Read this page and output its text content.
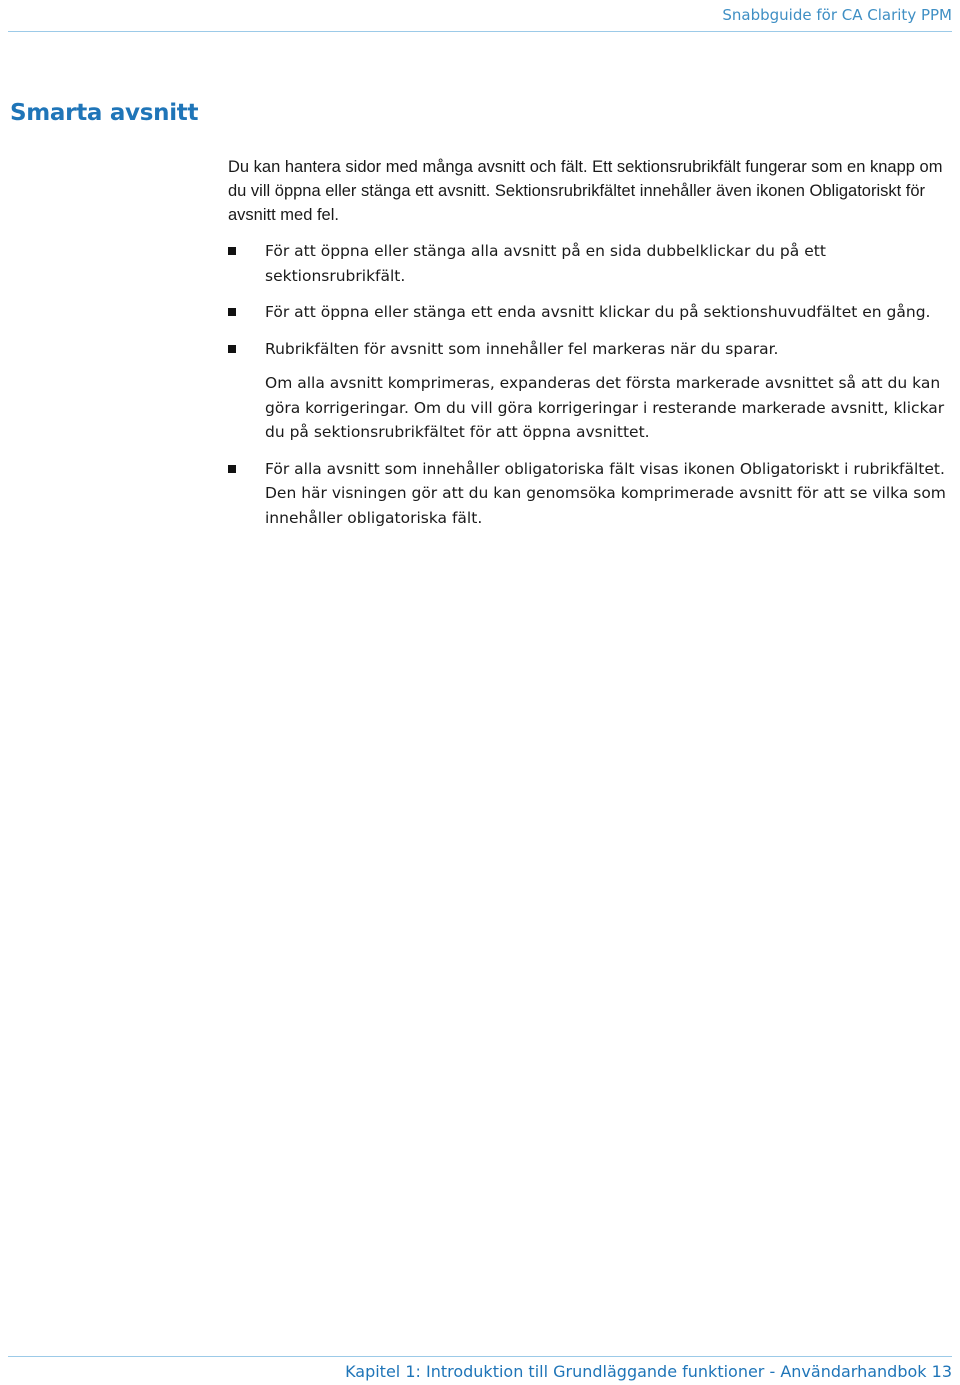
Snabbguide för CA Clarity PPM
Smarta avsnitt

Du kan hantera sidor med många avsnitt och fält. Ett sektionsrubrikfält fungerar som en knapp om du vill öppna eller stänga ett avsnitt. Sektionsrubrikfältet innehåller även ikonen Obligatoriskt för avsnitt med fel.

För att öppna eller stänga alla avsnitt på en sida dubbelklickar du på ett sektionsrubrikfält.

För att öppna eller stänga ett enda avsnitt klickar du på sektionshuvudfältet en gång.

Rubrikfälten för avsnitt som innehåller fel markeras när du sparar.

Om alla avsnitt komprimeras, expanderas det första markerade avsnittet så att du kan göra korrigeringar. Om du vill göra korrigeringar i resterande markerade avsnitt, klickar du på sektionsrubrikfältet för att öppna avsnittet.

För alla avsnitt som innehåller obligatoriska fält visas ikonen Obligatoriskt i rubrikfältet. Den här visningen gör att du kan genomsöka komprimerade avsnitt för att se vilka som innehåller obligatoriska fält.

Kapitel 1: Introduktion till Grundläggande funktioner - Användarhandbok 13
